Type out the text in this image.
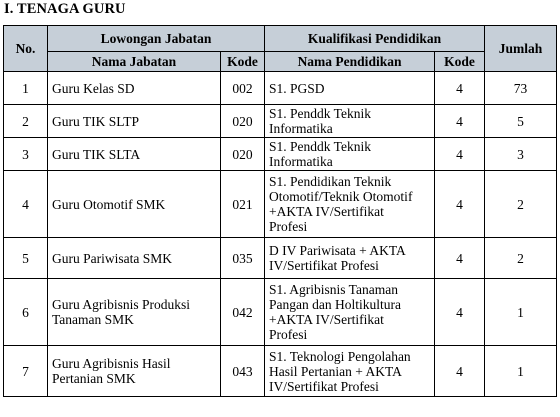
I. TENAGA GURU
No.	Lowongan Jabatan		Kualifikasi Pendidikan		Jumlah
	Nama Jabatan	Kode	Nama Pendidikan	Kode	
1	Guru Kelas SD	002	S1. PGSD	4	73
2	Guru TIK SLTP	020	S1. Penddk Teknik
Informatika	4	5
3	Guru TIK SLTA	020	S1. Penddk Teknik
Informatika	4	3
4	Guru Otomotif SMK	021	S1. Pendidikan Teknik
Otomotif/Teknik Otomotif
+AKTA IV/Sertifikat
Profesi	4	2
5	Guru Pariwisata SMK	035	D IV Pariwisata + AKTA
IV/Sertifikat Profesi	4	2
6	Guru Agribisnis Produksi
Tanaman SMK	042	S1. Agribisnis Tanaman
Pangan dan Holtikultura
+AKTA IV/Sertifikat
Profesi	4	1
7	Guru Agribisnis Hasil
Pertanian SMK	043	S1. Teknologi Pengolahan
Hasil Pertanian + AKTA
IV/Sertifikat Profesi	4	1
